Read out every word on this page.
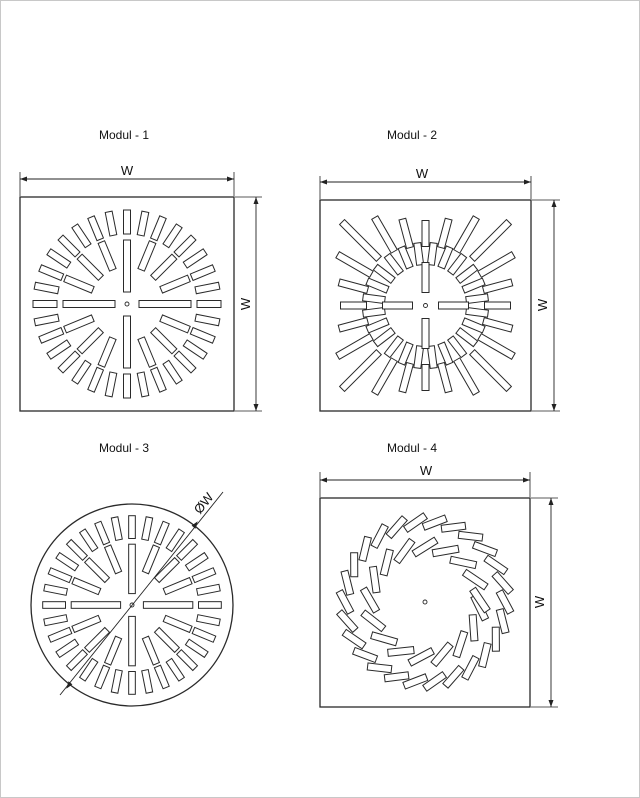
Modul - 1
W
W
Modul - 2
W
W
Modul - 3
ØW
Modul - 4
W
W
